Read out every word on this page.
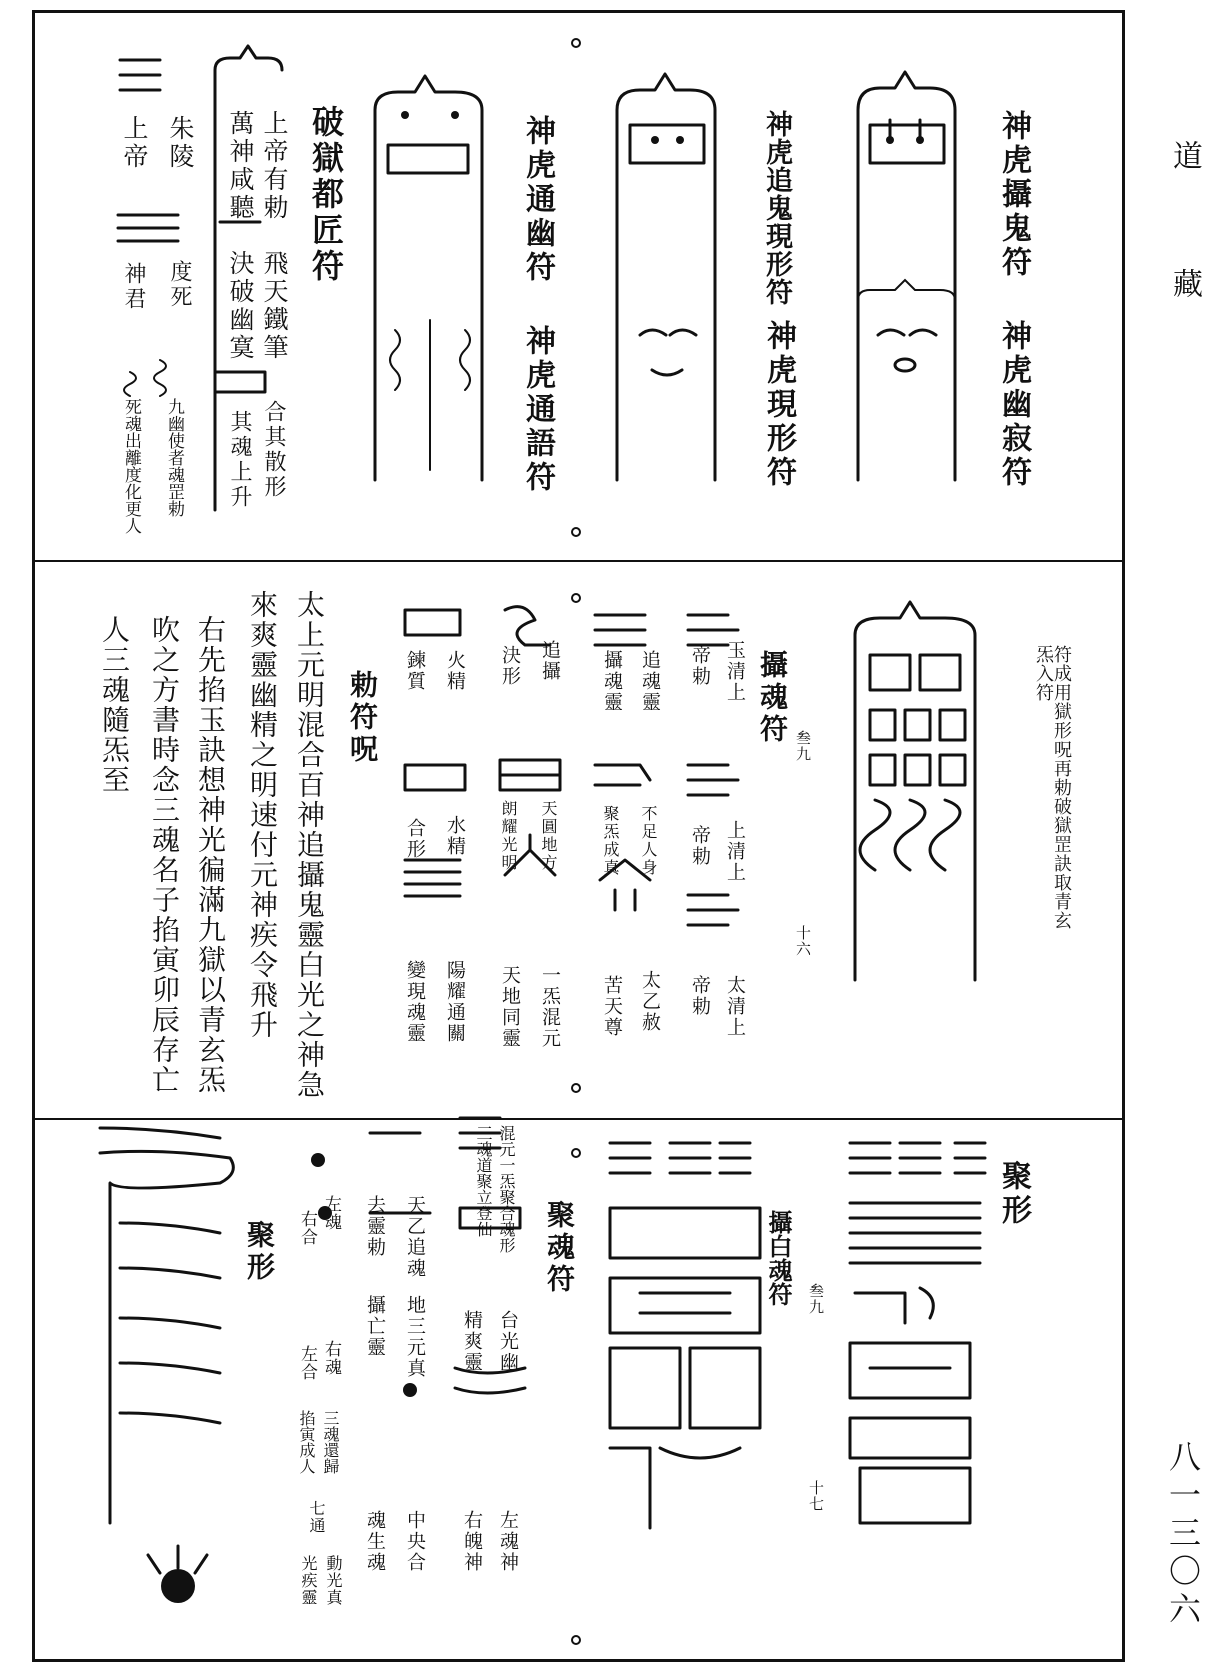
道
藏
八一三〇六
神虎攝鬼符
神虎追鬼現形符
神虎通幽符
破獄都匠符
神虎幽寂符
神虎現形符
神虎通語符
上帝有勅
萬神咸聽
飛天鐵筆
決破幽寞
合其散形
其魂上升
朱陵
上帝
度死
神君
九幽使者魂罡勅
死魂出離度化更人
符成用獄形呪再勅破獄罡訣取青玄炁入符
攝魂符 叁九
十六
玉清上
帝勅
上清上
帝勅
太清上
帝勅
追魂靈
攝魂靈
不足人身
聚炁成真
太乙赦
苦天尊
追攝
決形
天圓地方
朗耀光明
一炁混元
天地同靈
火精
鍊質
水精
合形
陽耀通關
變現魂靈
勅符呪
太上元明混合百神追攝鬼靈白光之神急
來爽靈幽精之明速付元神疾令飛升
右先掐玉訣想神光徧滿九獄以青玄炁
吹之方書時念三魂名子掐寅卯辰存亡
人三魂隨炁至
聚形
攝白魂符 叁九
十七
聚魂符
聚形	混元一炁聚合魂形
三魂道聚立登仙
台光幽
精爽靈
左魂神
右魄神
天乙追魂
去靈勅
地三元真
攝亡靈
中央合
魂生魂
左魂
右合
右魂
左合
三魂還歸
掐寅成人
七通
光疾靈 動光真
